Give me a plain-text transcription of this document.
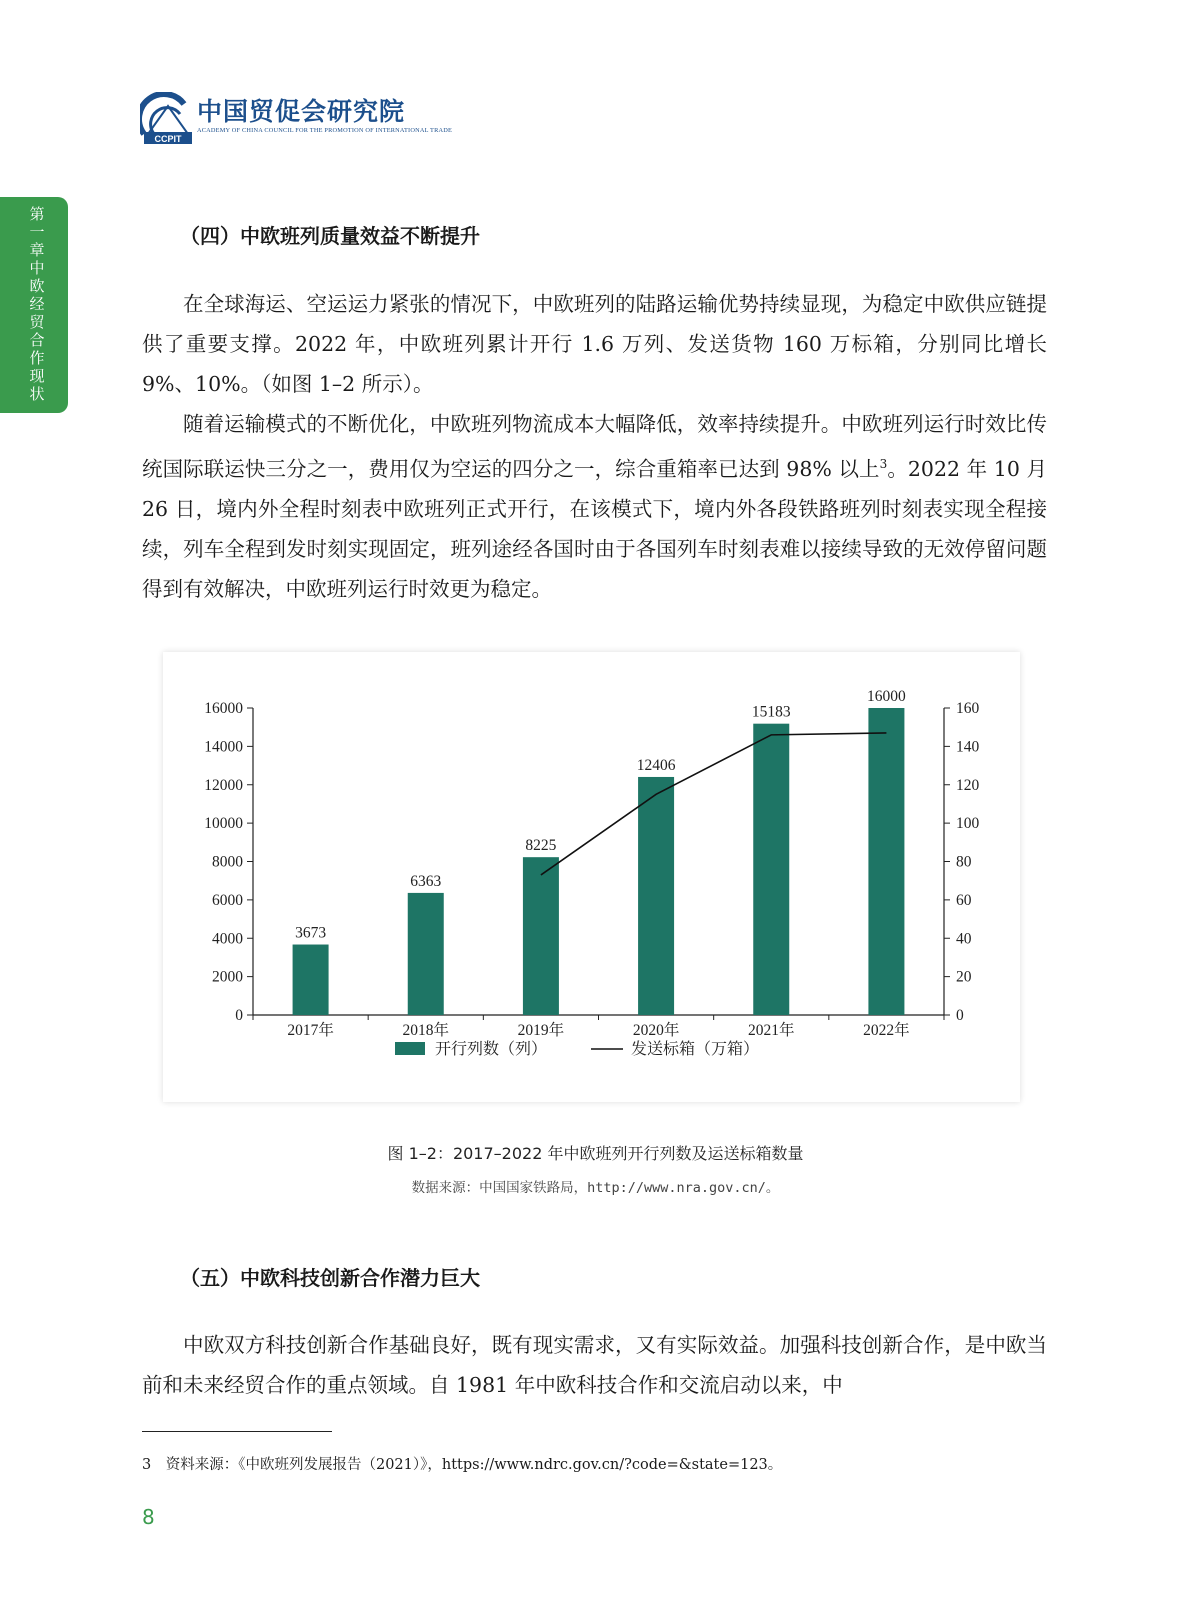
CCPIT
中国贸促会研究院
ACADEMY OF CHINA COUNCIL FOR THE PROMOTION OF INTERNATIONAL TRADE
第一章中欧经贸合作现状
（四）中欧班列质量效益不断提升

在全球海运、空运运力紧张的情况下，中欧班列的陆路运输优势持续显现，为稳定中欧供应链提供了重要支撑。2022 年，中欧班列累计开行 1.6 万列、发送货物 160 万标箱，分别同比增长 9%、10%。（如图 1–2 所示）。

随着运输模式的不断优化，中欧班列物流成本大幅降低，效率持续提升。中欧班列运行时效比传统国际联运快三分之一，费用仅为空运的四分之一，综合重箱率已达到 98% 以上$^3$。2022 年 10 月 26 日，境内外全程时刻表中欧班列正式开行，在该模式下，境内外各段铁路班列时刻表实现全程接续，列车全程到发时刻实现固定，班列途经各国时由于各国列车时刻表难以接续导致的无效停留问题得到有效解决，中欧班列运行时效更为稳定。

0
2000
4000
6000
8000
10000
12000
14000
16000
0
20
40
60
80
100
120
140
160
3673
2017年
6363
2018年
8225
2019年
12406
2020年
15183
2021年
16000
2022年
开行列数（列）	发送标箱（万箱）
图 1–2：2017–2022 年中欧班列开行列数及运送标箱数量
数据来源：中国国家铁路局，http://www.nra.gov.cn/。
（五）中欧科技创新合作潜力巨大

中欧双方科技创新合作基础良好，既有现实需求，又有实际效益。加强科技创新合作，是中欧当前和未来经贸合作的重点领域。自 1981 年中欧科技合作和交流启动以来，中

3　资料来源：《中欧班列发展报告（2021）》，https://www.ndrc.gov.cn/?code=&state=123。
8
